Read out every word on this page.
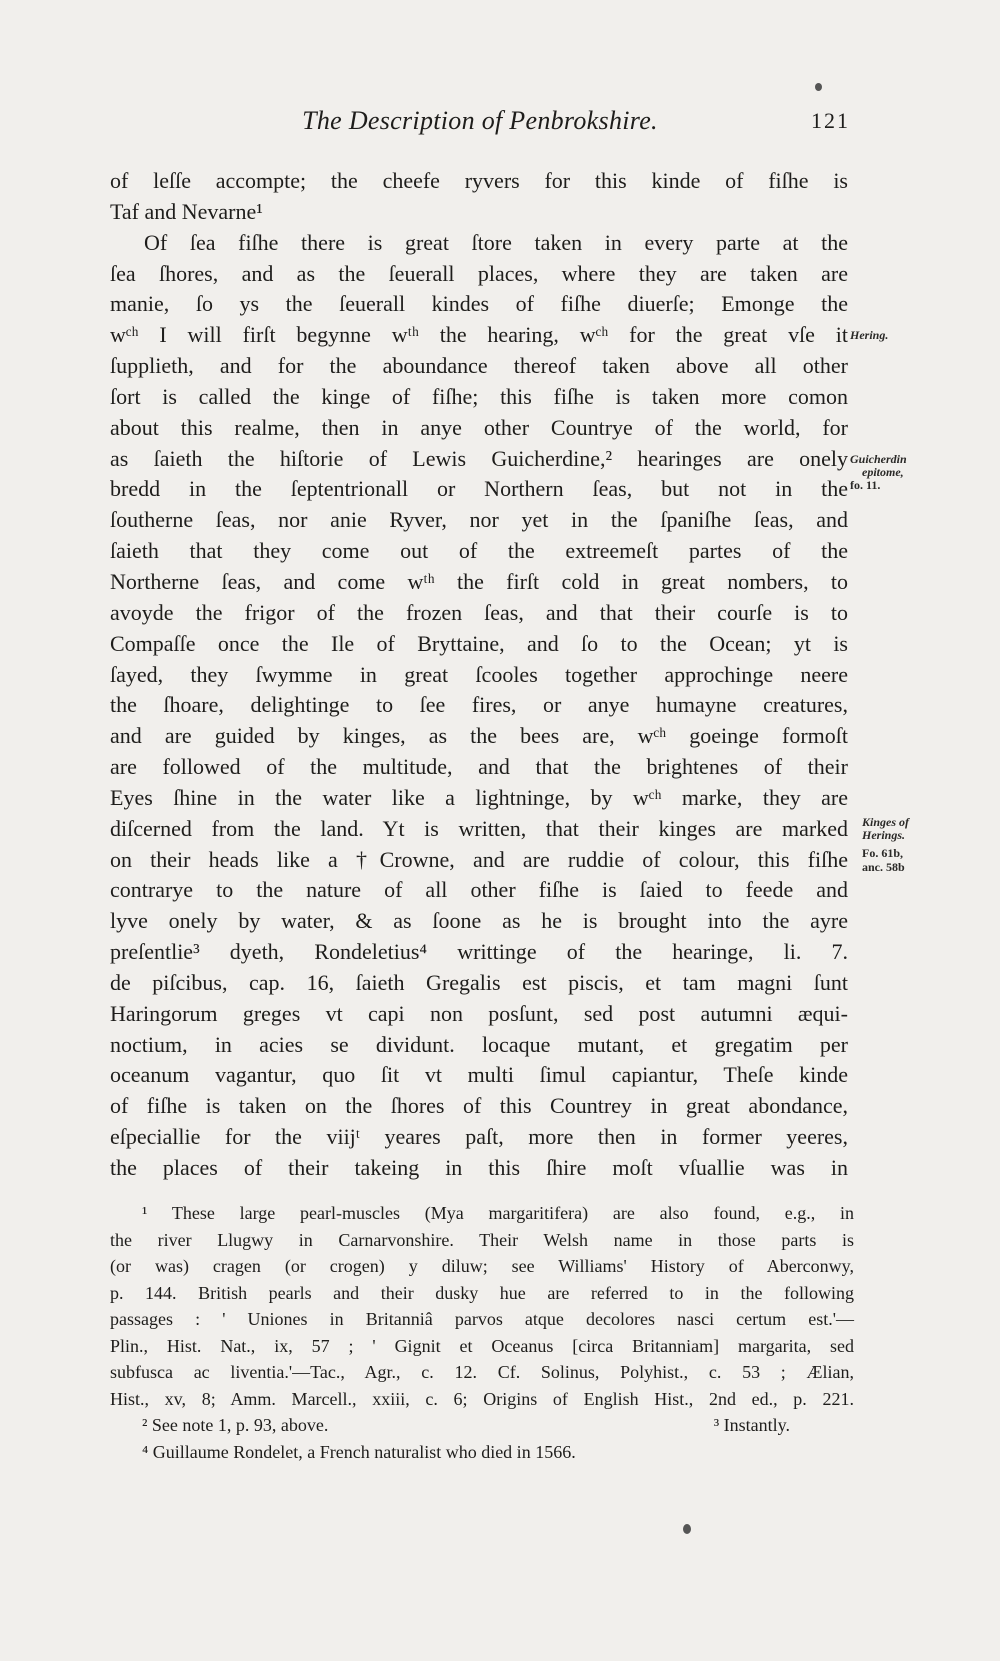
The Description of Penbrokshire.	121
of leſſe accompte; the cheefe ryvers for this kinde of fiſhe is
Taf and Nevarne¹
Of ſea fiſhe there is great ſtore taken in every parte at the
ſea ſhores, and as the ſeuerall places, where they are taken are
manie, ſo ys the ſeuerall kindes of fiſhe diuerſe; Emonge the
wᶜʰ I will firſt begynne wᵗʰ the hearing, wᶜʰ for the great vſe it
ſupplieth, and for the aboundance thereof taken above all other
ſort is called the kinge of fiſhe; this fiſhe is taken more comon
about this realme, then in anye other Countrye of the world, for
as ſaieth the hiſtorie of Lewis Guicherdine,² hearinges are onely
bredd in the ſeptentrionall or Northern ſeas, but not in the
ſoutherne ſeas, nor anie Ryver, nor yet in the ſpaniſhe ſeas, and
ſaieth that they come out of the extreemeſt partes of the
Northerne ſeas, and come wᵗʰ the firſt cold in great nombers, to
avoyde the frigor of the frozen ſeas, and that their courſe is to
Compaſſe once the Ile of Bryttaine, and ſo to the Ocean; yt is
ſayed, they ſwymme in great ſcooles together approchinge neere
the ſhoare, delightinge to ſee fires, or anye humayne creatures,
and are guided by kinges, as the bees are, wᶜʰ goeinge formoſt
are followed of the multitude, and that the brightenes of their
Eyes ſhine in the water like a lightninge, by wᶜʰ marke, they are
diſcerned from the land. Yt is written, that their kinges are marked
on their heads like a †Crowne, and are ruddie of colour, this fiſhe
contrarye to the nature of all other fiſhe is ſaied to feede and
lyve onely by water, & as ſoone as he is brought into the ayre
preſentlie³ dyeth, Rondeletius⁴ writtinge of the hearinge, li. 7.
de piſcibus, cap. 16, ſaieth Gregalis est piscis, et tam magni ſunt
Haringorum greges vt capi non posſunt, sed post autumni æqui-
noctium, in acies se dividunt. locaque mutant, et gregatim per
oceanum vagantur, quo ſit vt multi ſimul capiantur, Theſe kinde
of fiſhe is taken on the ſhores of this Countrey in great abondance,
eſpeciallie for the viijᵗ yeares paſt, more then in former yeeres,
the places of their takeing in this ſhire moſt vſuallie was in
Hering.
Guicherdin
epitome,
fo. 11.
Kinges of
Herings.
Fo. 61b,
anc. 58b
¹ These large pearl-muscles (Mya margaritifera) are also found, e.g., in
the river Llugwy in Carnarvonshire. Their Welsh name in those parts is
(or was) cragen (or crogen) y diluw; see Williams' History of Aberconwy,
p. 144. British pearls and their dusky hue are referred to in the following
passages : ' Uniones in Britanniâ parvos atque decolores nasci certum est.'—
Plin., Hist. Nat., ix, 57 ; ' Gignit et Oceanus [circa Britanniam] margarita, sed
subfusca ac liventia.'—Tac., Agr., c. 12. Cf. Solinus, Polyhist., c. 53 ; Ælian,
Hist., xv, 8; Amm. Marcell., xxiii, c. 6; Origins of English Hist., 2nd ed., p. 221.
² See note 1, p. 93, above.	³ Instantly.
⁴ Guillaume Rondelet, a French naturalist who died in 1566.
